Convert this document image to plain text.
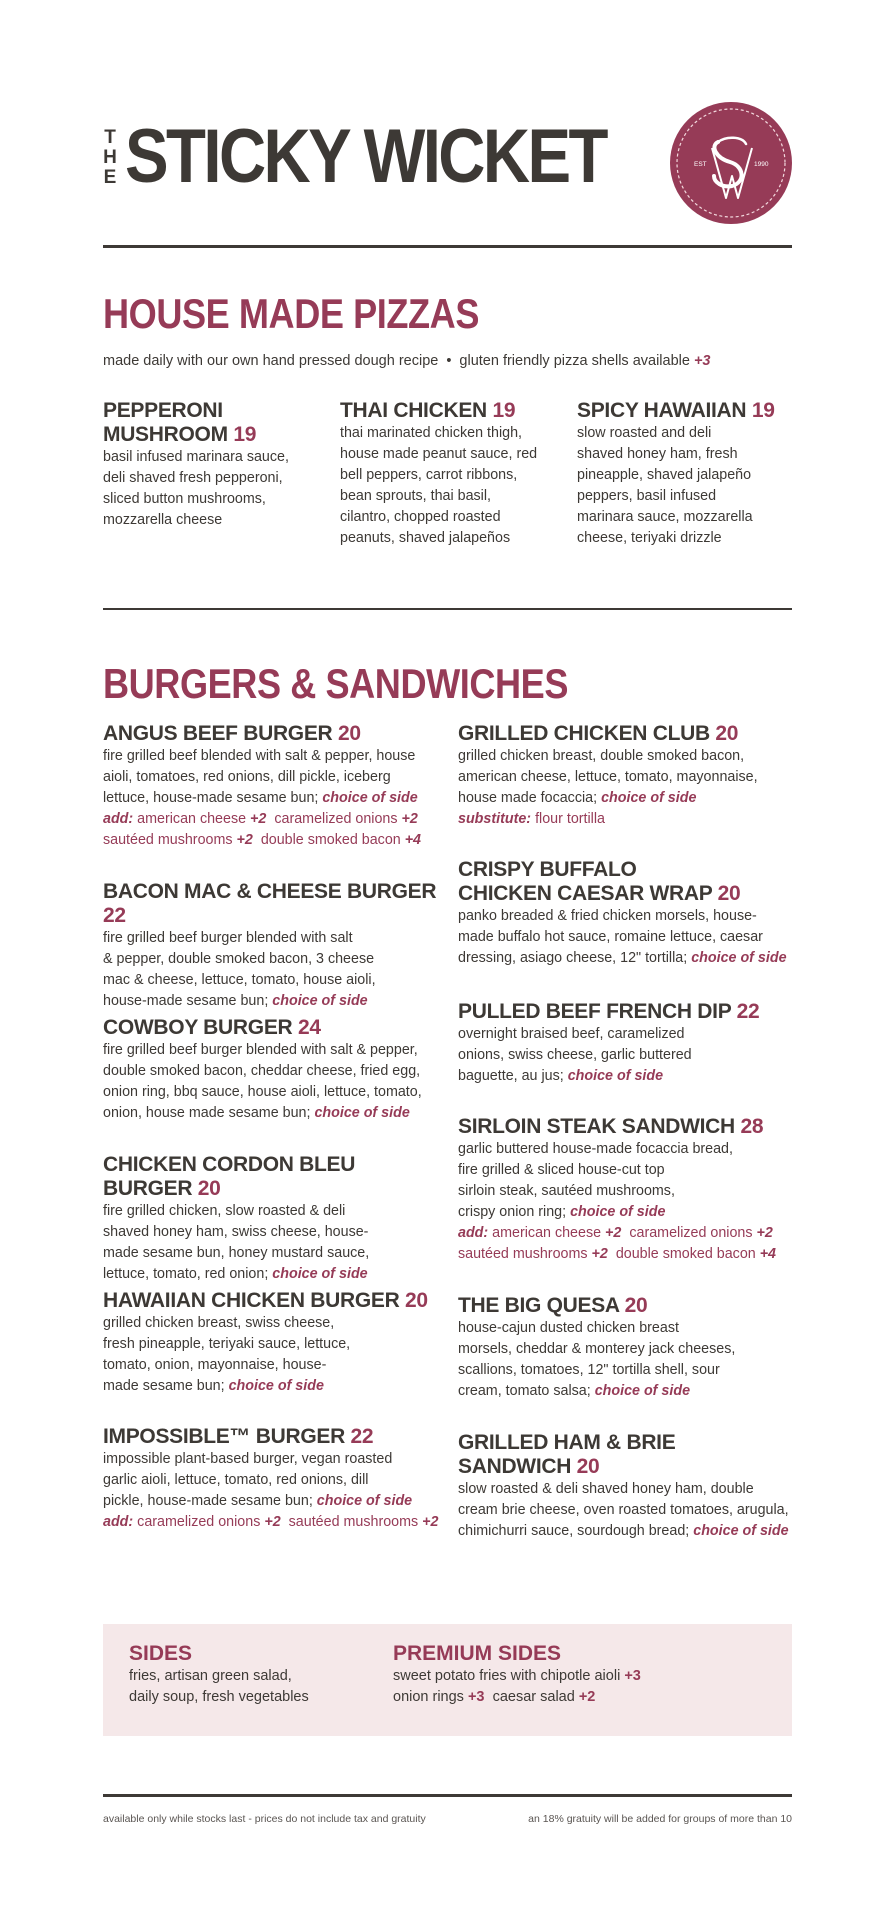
T
H
E STICKY WICKET	EST	1990
HOUSE MADE PIZZAS
made daily with our own hand pressed dough recipe • gluten friendly pizza shells available +3

PEPPERONI
MUSHROOM 19

basil infused marinara sauce,
deli shaved fresh pepperoni,
sliced button mushrooms,
mozzarella cheese

THAI CHICKEN 19

thai marinated chicken thigh,
house made peanut sauce, red
bell peppers, carrot ribbons,
bean sprouts, thai basil,
cilantro, chopped roasted
peanuts, shaved jalapeños

SPICY HAWAIIAN 19

slow roasted and deli
shaved honey ham, fresh
pineapple, shaved jalapeño
peppers, basil infused
marinara sauce, mozzarella
cheese, teriyaki drizzle

BURGERS & SANDWICHES

ANGUS BEEF BURGER 20

fire grilled beef blended with salt & pepper, house
aioli, tomatoes, red onions, dill pickle, iceberg
lettuce, house-made sesame bun; choice of side

add: american cheese +2 caramelized onions +2

sautéed mushrooms +2 double smoked bacon +4

BACON MAC & CHEESE BURGER 22

fire grilled beef burger blended with salt
& pepper, double smoked bacon, 3 cheese
mac & cheese, lettuce, tomato, house aioli,
house-made sesame bun; choice of side

COWBOY BURGER 24

fire grilled beef burger blended with salt & pepper,
double smoked bacon, cheddar cheese, fried egg,
onion ring, bbq sauce, house aioli, lettuce, tomato,
onion, house made sesame bun; choice of side

CHICKEN CORDON BLEU BURGER 20

fire grilled chicken, slow roasted & deli
shaved honey ham, swiss cheese, house-
made sesame bun, honey mustard sauce,
lettuce, tomato, red onion; choice of side

HAWAIIAN CHICKEN BURGER 20

grilled chicken breast, swiss cheese,
fresh pineapple, teriyaki sauce, lettuce,
tomato, onion, mayonnaise, house-
made sesame bun; choice of side

IMPOSSIBLE™ BURGER 22

impossible plant-based burger, vegan roasted
garlic aioli, lettuce, tomato, red onions, dill
pickle, house-made sesame bun; choice of side

add: caramelized onions +2 sautéed mushrooms +2

GRILLED CHICKEN CLUB 20

grilled chicken breast, double smoked bacon,
american cheese, lettuce, tomato, mayonnaise,
house made focaccia; choice of side

substitute: flour tortilla

CRISPY BUFFALO
CHICKEN CAESAR WRAP 20

panko breaded & fried chicken morsels, house-
made buffalo hot sauce, romaine lettuce, caesar
dressing, asiago cheese, 12" tortilla; choice of side

PULLED BEEF FRENCH DIP 22

overnight braised beef, caramelized
onions, swiss cheese, garlic buttered
baguette, au jus; choice of side

SIRLOIN STEAK SANDWICH 28

garlic buttered house-made focaccia bread,
fire grilled & sliced house-cut top
sirloin steak, sautéed mushrooms,
crispy onion ring; choice of side

add: american cheese +2 caramelized onions +2

sautéed mushrooms +2 double smoked bacon +4

THE BIG QUESA 20

house-cajun dusted chicken breast
morsels, cheddar & monterey jack cheeses,
scallions, tomatoes, 12" tortilla shell, sour
cream, tomato salsa; choice of side

GRILLED HAM & BRIE SANDWICH 20

slow roasted & deli shaved honey ham, double
cream brie cheese, oven roasted tomatoes, arugula,
chimichurri sauce, sourdough bread; choice of side

SIDES

fries, artisan green salad,
daily soup, fresh vegetables

PREMIUM SIDES

sweet potato fries with chipotle aioli +3
onion rings +3 caesar salad +2

available only while stocks last - prices do not include tax and gratuity	an 18% gratuity will be added for groups of more than 10
